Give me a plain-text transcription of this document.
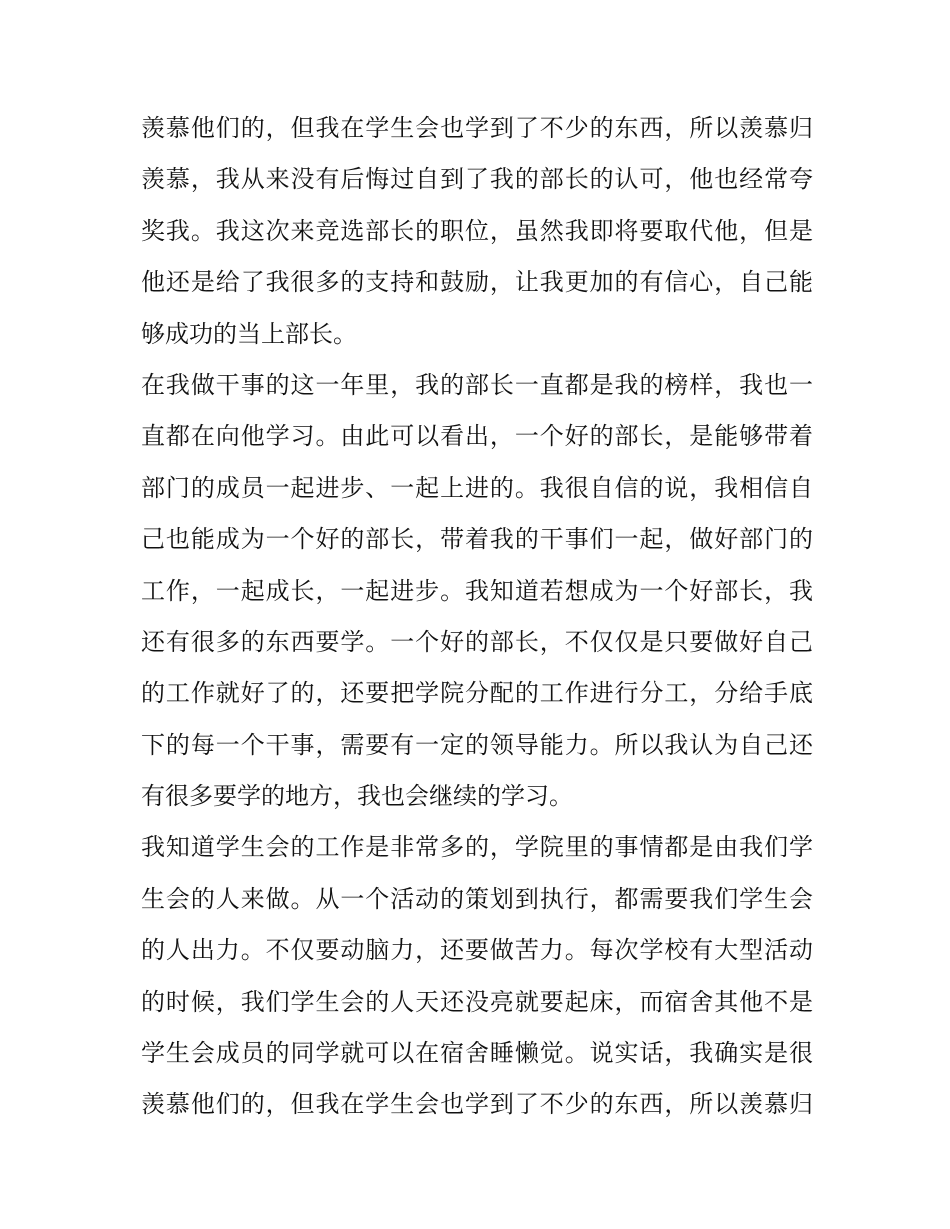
羡慕他们的，但我在学生会也学到了不少的东西，所以羡慕归
羡慕，我从来没有后悔过自到了我的部长的认可，他也经常夸
奖我。我这次来竞选部长的职位，虽然我即将要取代他，但是
他还是给了我很多的支持和鼓励，让我更加的有信心，自己能
够成功的当上部长。
在我做干事的这一年里，我的部长一直都是我的榜样，我也一
直都在向他学习。由此可以看出，一个好的部长，是能够带着
部门的成员一起进步、一起上进的。我很自信的说，我相信自
己也能成为一个好的部长，带着我的干事们一起，做好部门的
工作，一起成长，一起进步。我知道若想成为一个好部长，我
还有很多的东西要学。一个好的部长，不仅仅是只要做好自己
的工作就好了的，还要把学院分配的工作进行分工，分给手底
下的每一个干事，需要有一定的领导能力。所以我认为自己还
有很多要学的地方，我也会继续的学习。
我知道学生会的工作是非常多的，学院里的事情都是由我们学
生会的人来做。从一个活动的策划到执行，都需要我们学生会
的人出力。不仅要动脑力，还要做苦力。每次学校有大型活动
的时候，我们学生会的人天还没亮就要起床，而宿舍其他不是
学生会成员的同学就可以在宿舍睡懒觉。说实话，我确实是很
羡慕他们的，但我在学生会也学到了不少的东西，所以羡慕归
